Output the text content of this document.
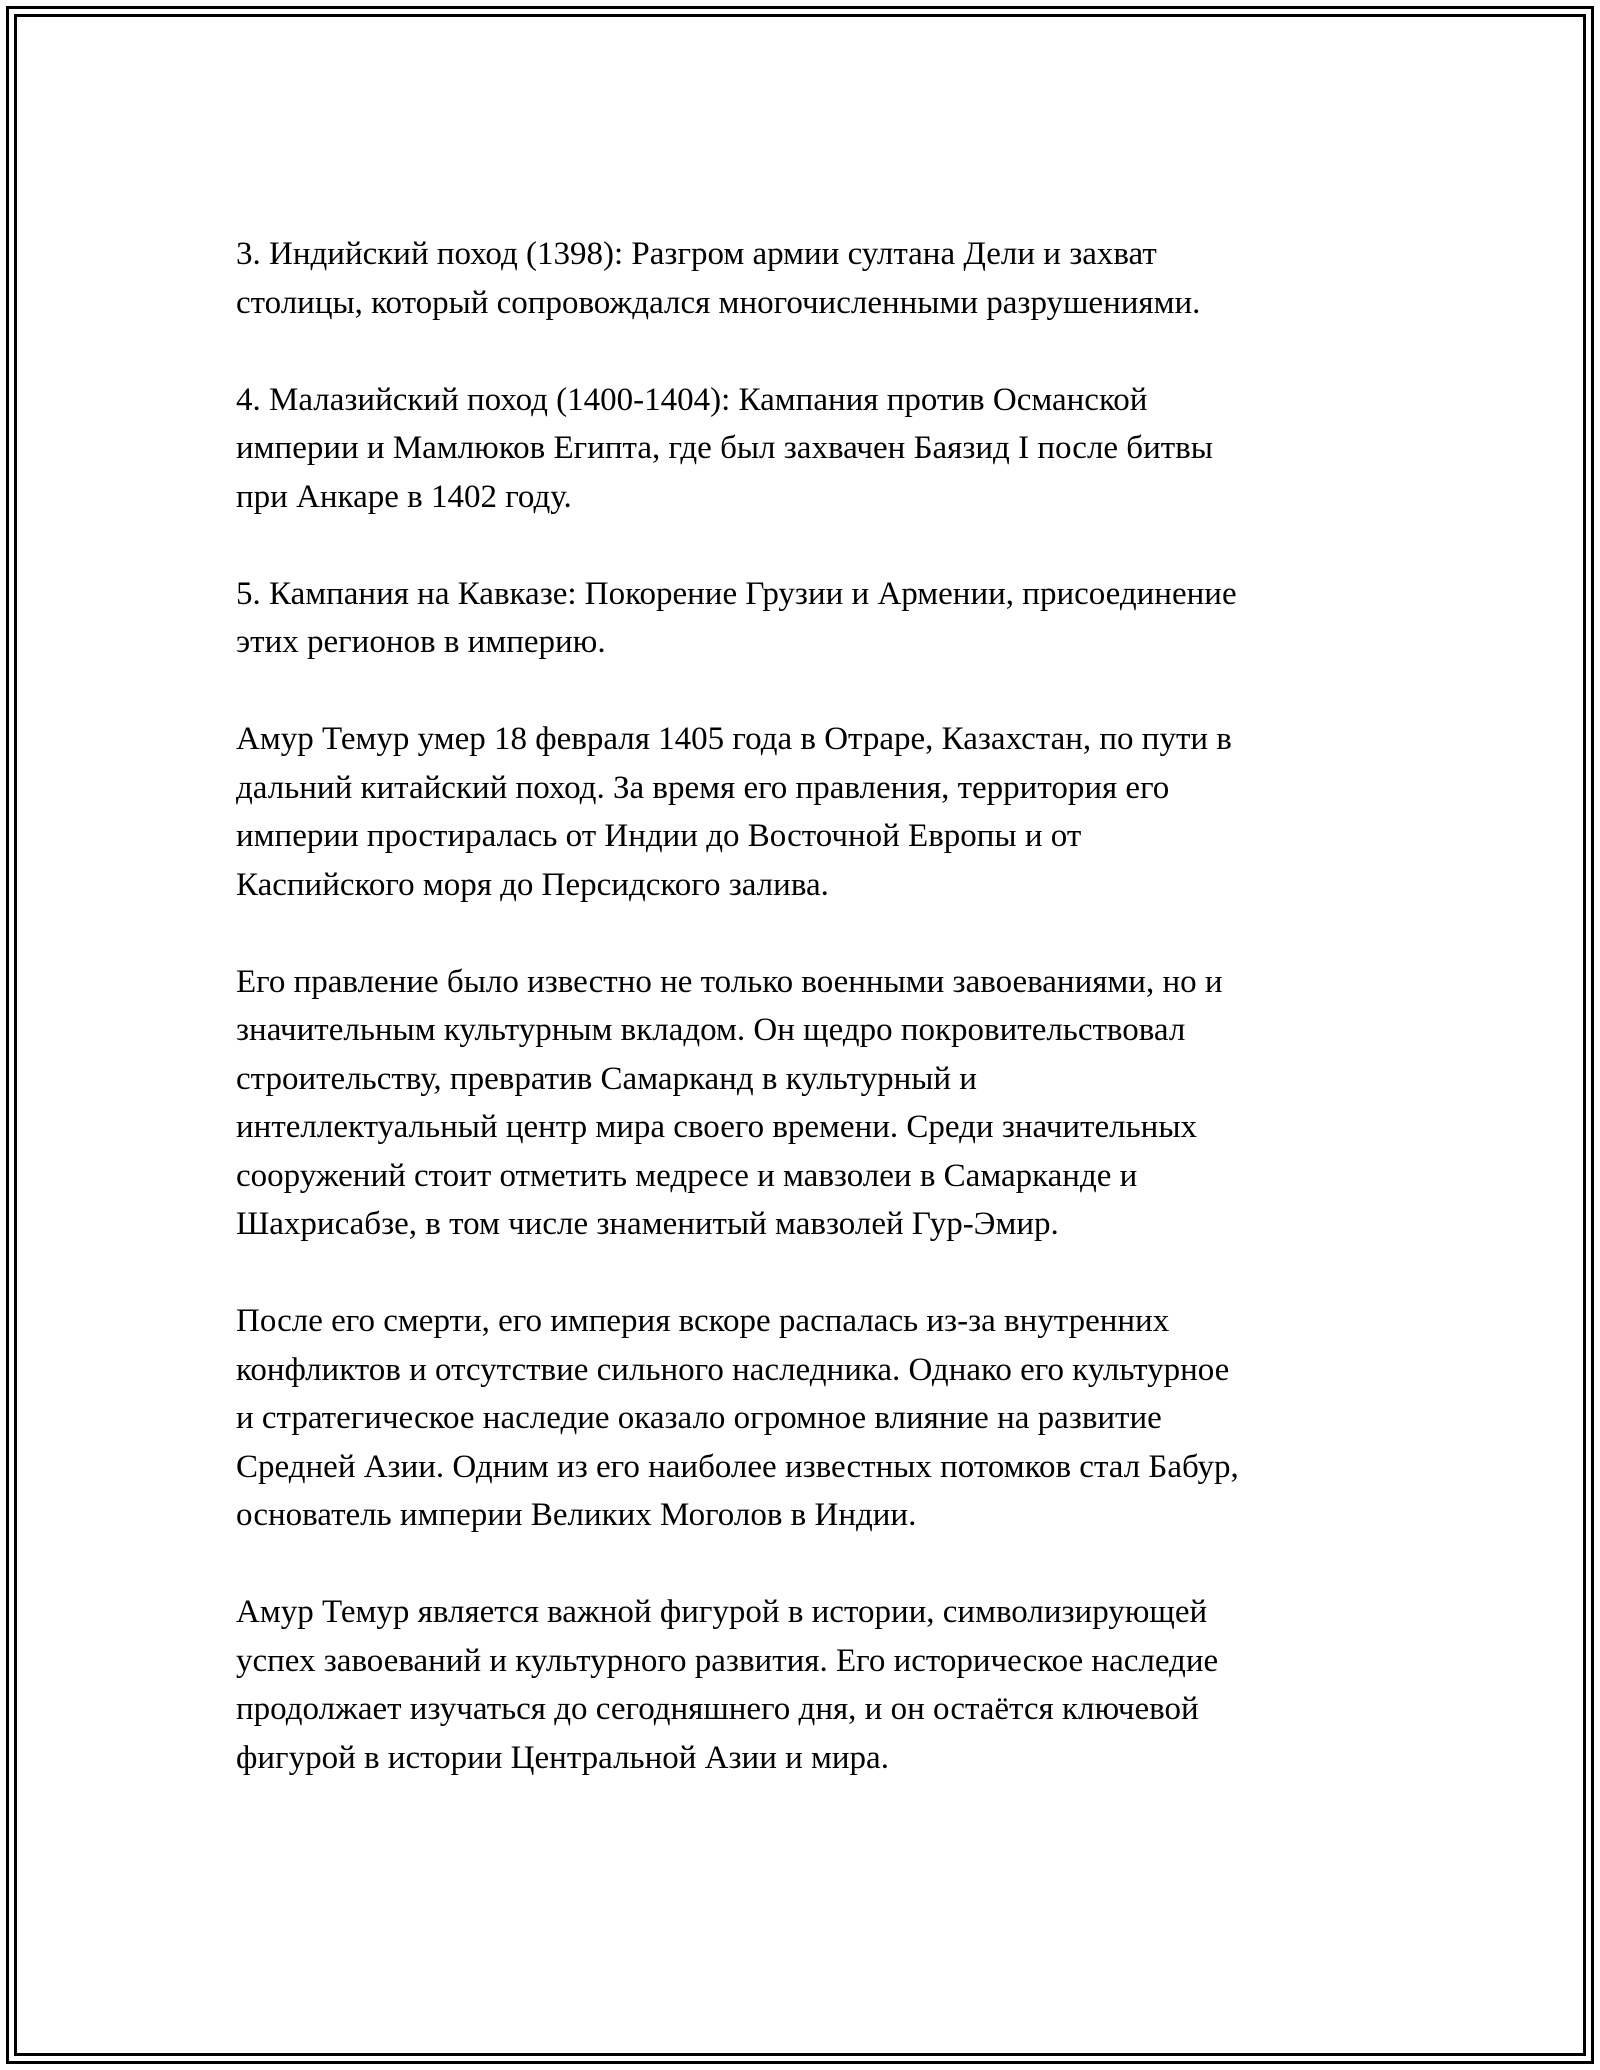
3. Индийский поход (1398): Разгром армии султана Дели и захват
столицы, который сопровождался многочисленными разрушениями.

4. Малазийский поход (1400-1404): Кампания против Османской
империи и Мамлюков Египта, где был захвачен Баязид I после битвы
при Анкаре в 1402 году.

5. Кампания на Кавказе: Покорение Грузии и Армении, присоединение
этих регионов в империю.

Амур Темур умер 18 февраля 1405 года в Отраре, Казахстан, по пути в
дальний китайский поход. За время его правления, территория его
империи простиралась от Индии до Восточной Европы и от
Каспийского моря до Персидского залива.

Его правление было известно не только военными завоеваниями, но и
значительным культурным вкладом. Он щедро покровительствовал
строительству, превратив Самарканд в культурный и
интеллектуальный центр мира своего времени. Среди значительных
сооружений стоит отметить медресе и мавзолеи в Самарканде и
Шахрисабзе, в том числе знаменитый мавзолей Гур-Эмир.

После его смерти, его империя вскоре распалась из-за внутренних
конфликтов и отсутствие сильного наследника. Однако его культурное
и стратегическое наследие оказало огромное влияние на развитие
Средней Азии. Одним из его наиболее известных потомков стал Бабур,
основатель империи Великих Моголов в Индии.

Амур Темур является важной фигурой в истории, символизирующей
успех завоеваний и культурного развития. Его историческое наследие
продолжает изучаться до сегодняшнего дня, и он остаётся ключевой
фигурой в истории Центральной Азии и мира.
